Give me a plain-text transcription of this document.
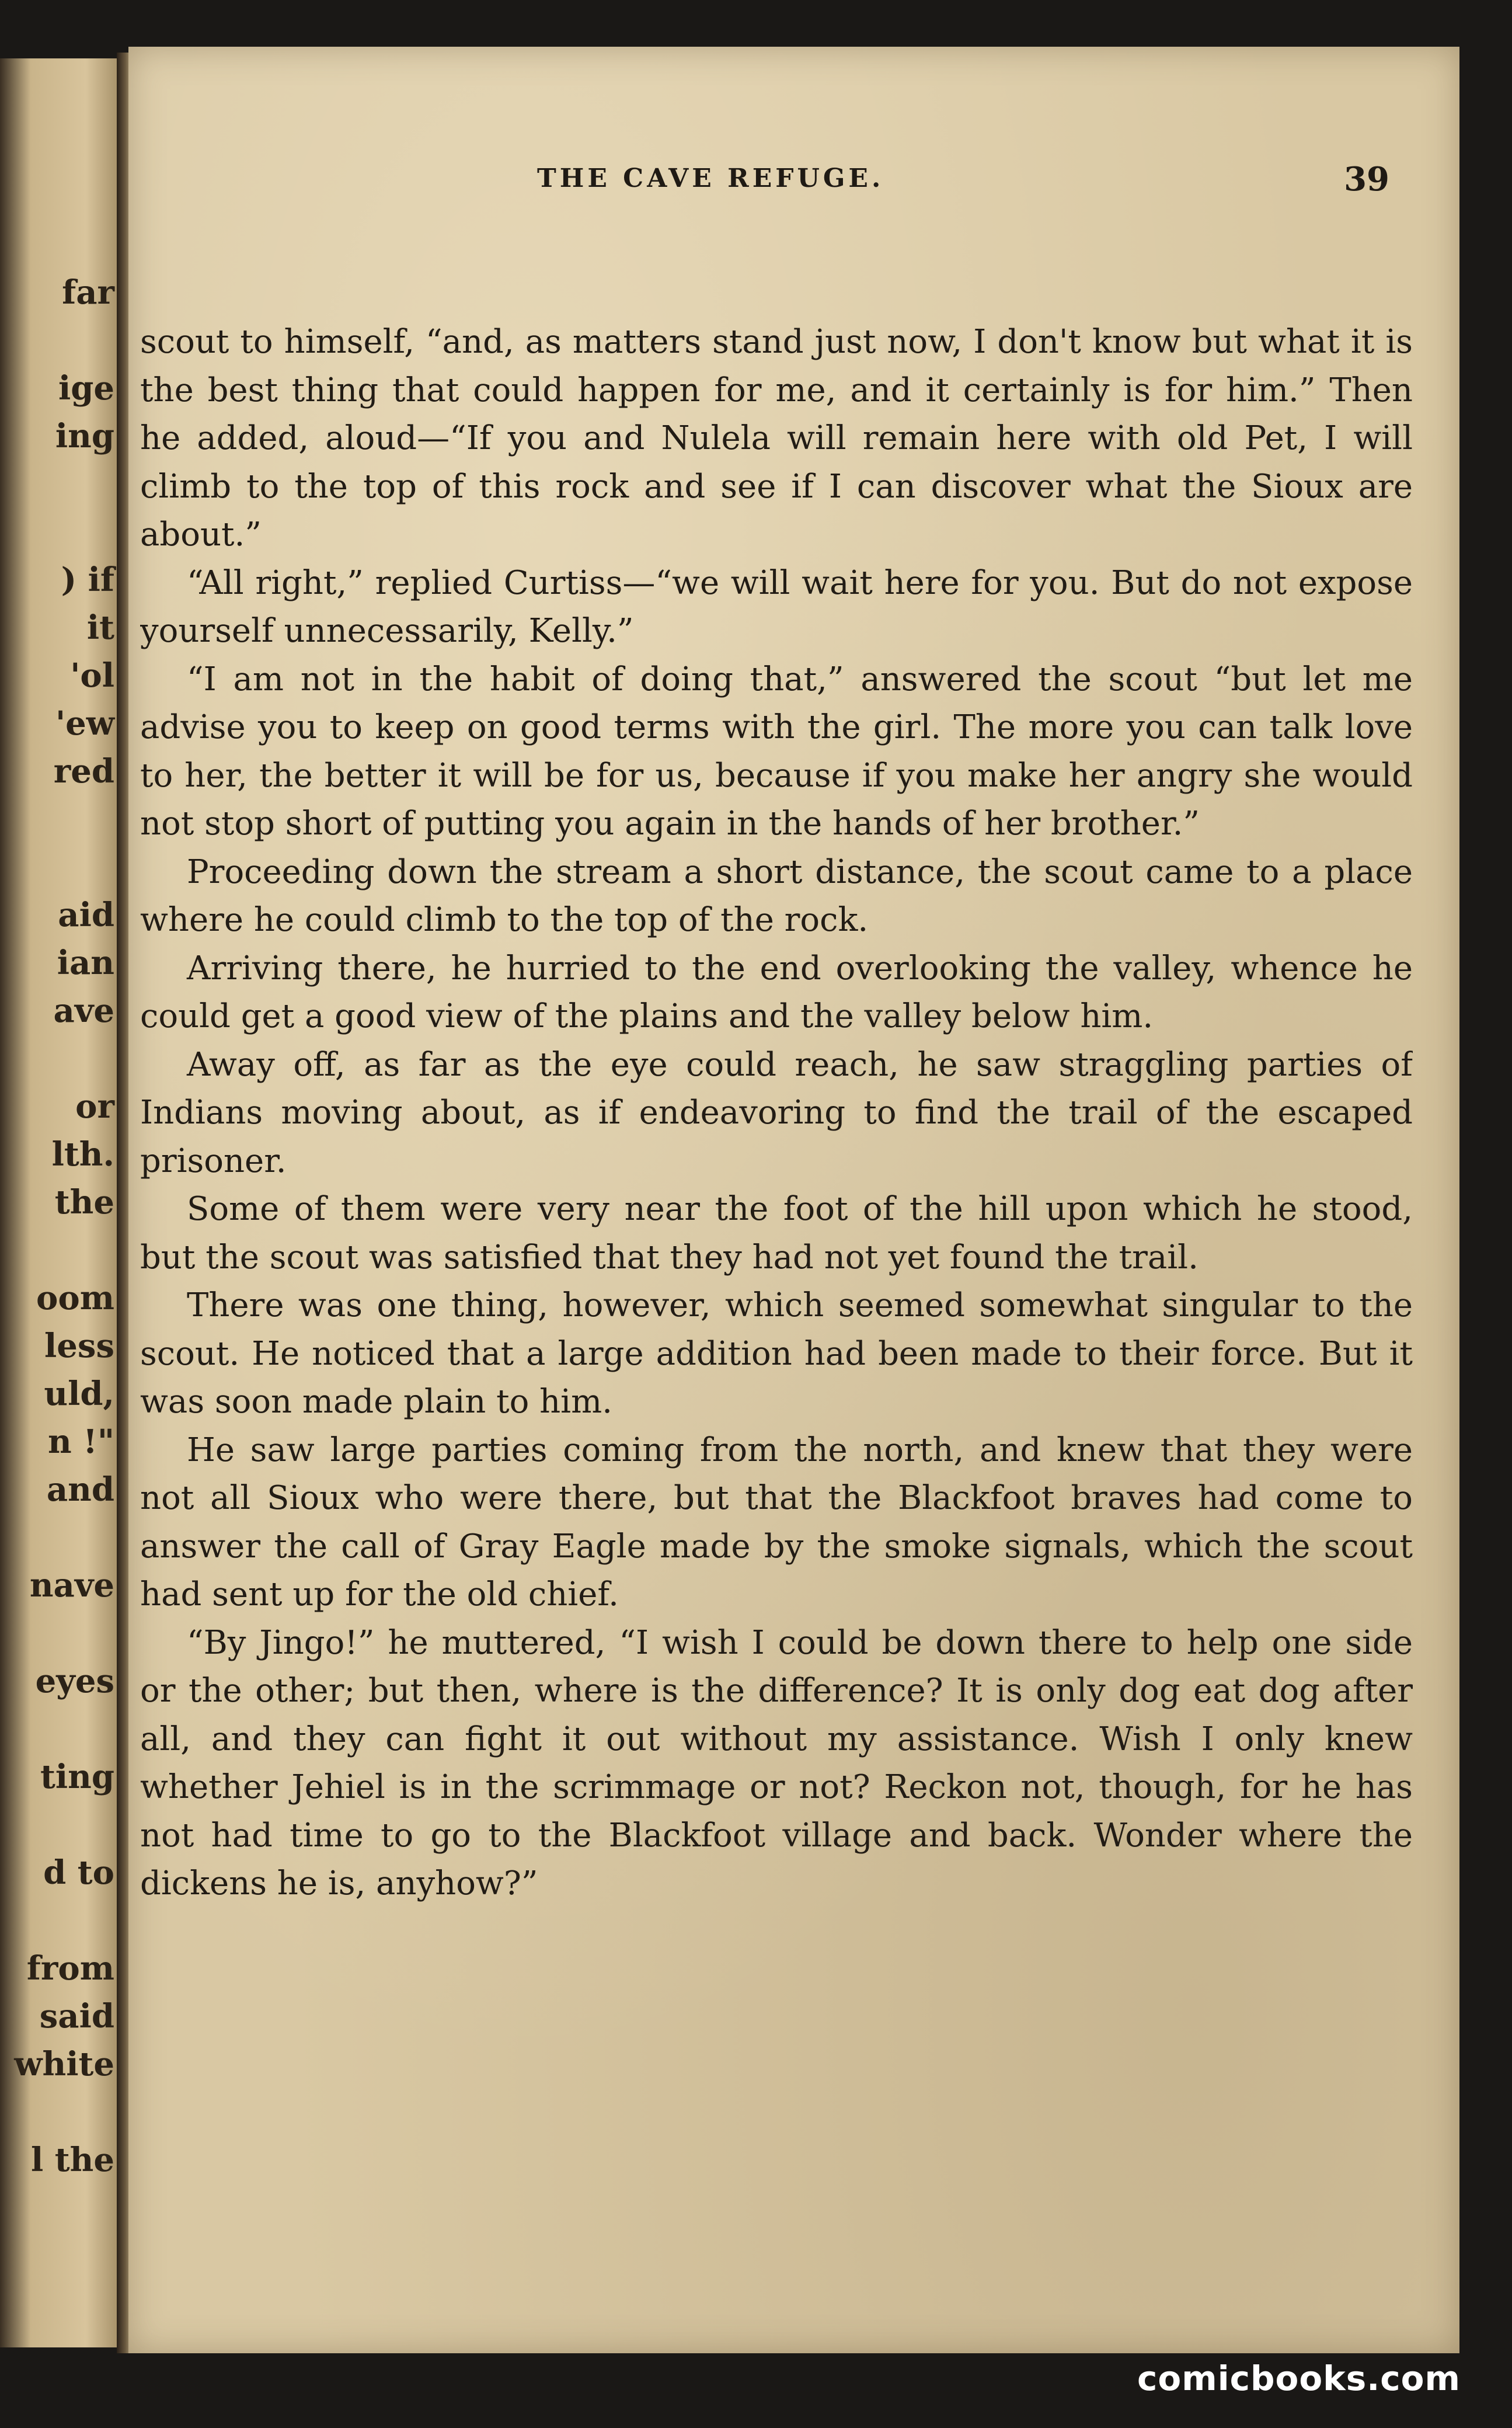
far

ige
ing

) if
it
'ol
'ew
red

aid
ian
ave

or
lth.
the

oom
less
uld,
n !"
and

nave

eyes

ting

d to

from
said
white

l the
THE CAVE REFUGE.	39

scout to himself, “and, as matters stand just now, I don't know but what it is the best thing that could happen for me, and it certainly is for him.” Then he added, aloud—“If you and Nulela will remain here with old Pet, I will climb to the top of this rock and see if I can discover what the Sioux are about.”

“All right,” replied Curtiss—“we will wait here for you. But do not expose yourself unnecessarily, Kelly.”

“I am not in the habit of doing that,” answered the scout “but let me advise you to keep on good terms with the girl. The more you can talk love to her, the better it will be for us, because if you make her angry she would not stop short of putting you again in the hands of her brother.”

Proceeding down the stream a short distance, the scout came to a place where he could climb to the top of the rock.

Arriving there, he hurried to the end overlooking the valley, whence he could get a good view of the plains and the valley below him.

Away off, as far as the eye could reach, he saw straggling parties of Indians moving about, as if endeavoring to find the trail of the escaped prisoner.

Some of them were very near the foot of the hill upon which he stood, but the scout was satisfied that they had not yet found the trail.

There was one thing, however, which seemed somewhat singular to the scout. He noticed that a large addition had been made to their force. But it was soon made plain to him.

He saw large parties coming from the north, and knew that they were not all Sioux who were there, but that the Blackfoot braves had come to answer the call of Gray Eagle made by the smoke signals, which the scout had sent up for the old chief.

“By Jingo!” he muttered, “I wish I could be down there to help one side or the other; but then, where is the difference? It is only dog eat dog after all, and they can fight it out without my assistance. Wish I only knew whether Jehiel is in the scrimmage or not? Reckon not, though, for he has not had time to go to the Blackfoot village and back. Wonder where the dickens he is, anyhow?”

comicbooks.com
